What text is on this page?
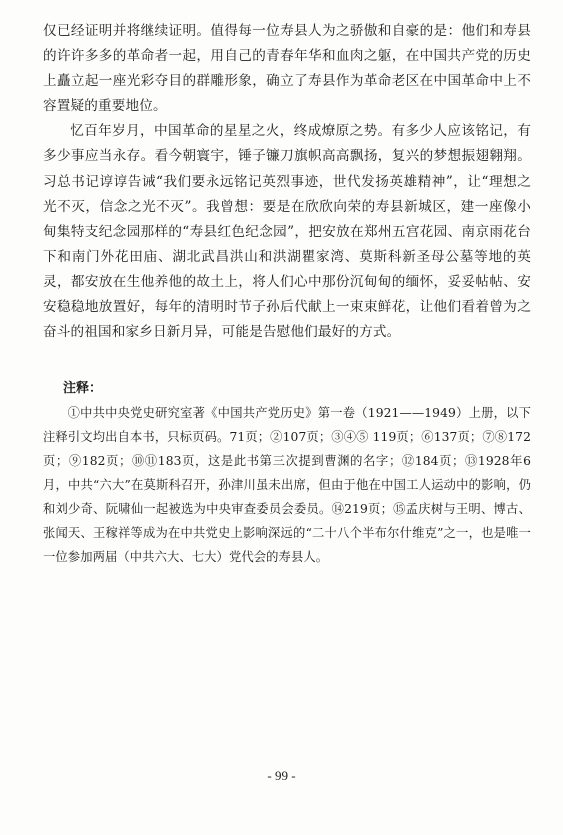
仅已经证明并将继续证明。值得每一位寿县人为之骄傲和自豪的是：他们和寿县的许许多多的革命者一起，用自己的青春年华和血肉之躯，在中国共产党的历史上矗立起一座光彩夺目的群雕形象，确立了寿县作为革命老区在中国革命中上不容置疑的重要地位。

忆百年岁月，中国革命的星星之火，终成燎原之势。有多少人应该铭记，有多少事应当永存。看今朝寰宇，锤子镰刀旗帜高高飘扬，复兴的梦想振翅翱翔。习总书记谆谆告诫“我们要永远铭记英烈事迹，世代发扬英雄精神”，让“理想之光不灭，信念之光不灭”。我曾想：要是在欣欣向荣的寿县新城区，建一座像小甸集特支纪念园那样的“寿县红色纪念园”，把安放在郑州五宫花园、南京雨花台下和南门外花田庙、湖北武昌洪山和洪湖瞿家湾、莫斯科新圣母公墓等地的英灵，都安放在生他养他的故土上，将人们心中那份沉甸甸的缅怀，妥妥帖帖、安安稳稳地放置好，每年的清明时节子孙后代献上一束束鲜花，让他们看着曾为之奋斗的祖国和家乡日新月异，可能是告慰他们最好的方式。

注释：

①中共中央党史研究室著《中国共产党历史》第一卷（1921——1949）上册，以下注释引文均出自本书，只标页码。71页；②107页；③④⑤ 119页；⑥137页；⑦⑧172页；⑨182页；⑩⑪183页，这是此书第三次提到曹渊的名字；⑫184页；⑬1928年6月，中共“六大”在莫斯科召开，孙津川虽未出席，但由于他在中国工人运动中的影响，仍和刘少奇、阮啸仙一起被选为中央审查委员会委员。⑭219页；⑮孟庆树与王明、博古、张闻天、王稼祥等成为在中共党史上影响深远的“二十八个半布尔什维克”之一，也是唯一一位参加两届（中共六大、七大）党代会的寿县人。

- 99 -
